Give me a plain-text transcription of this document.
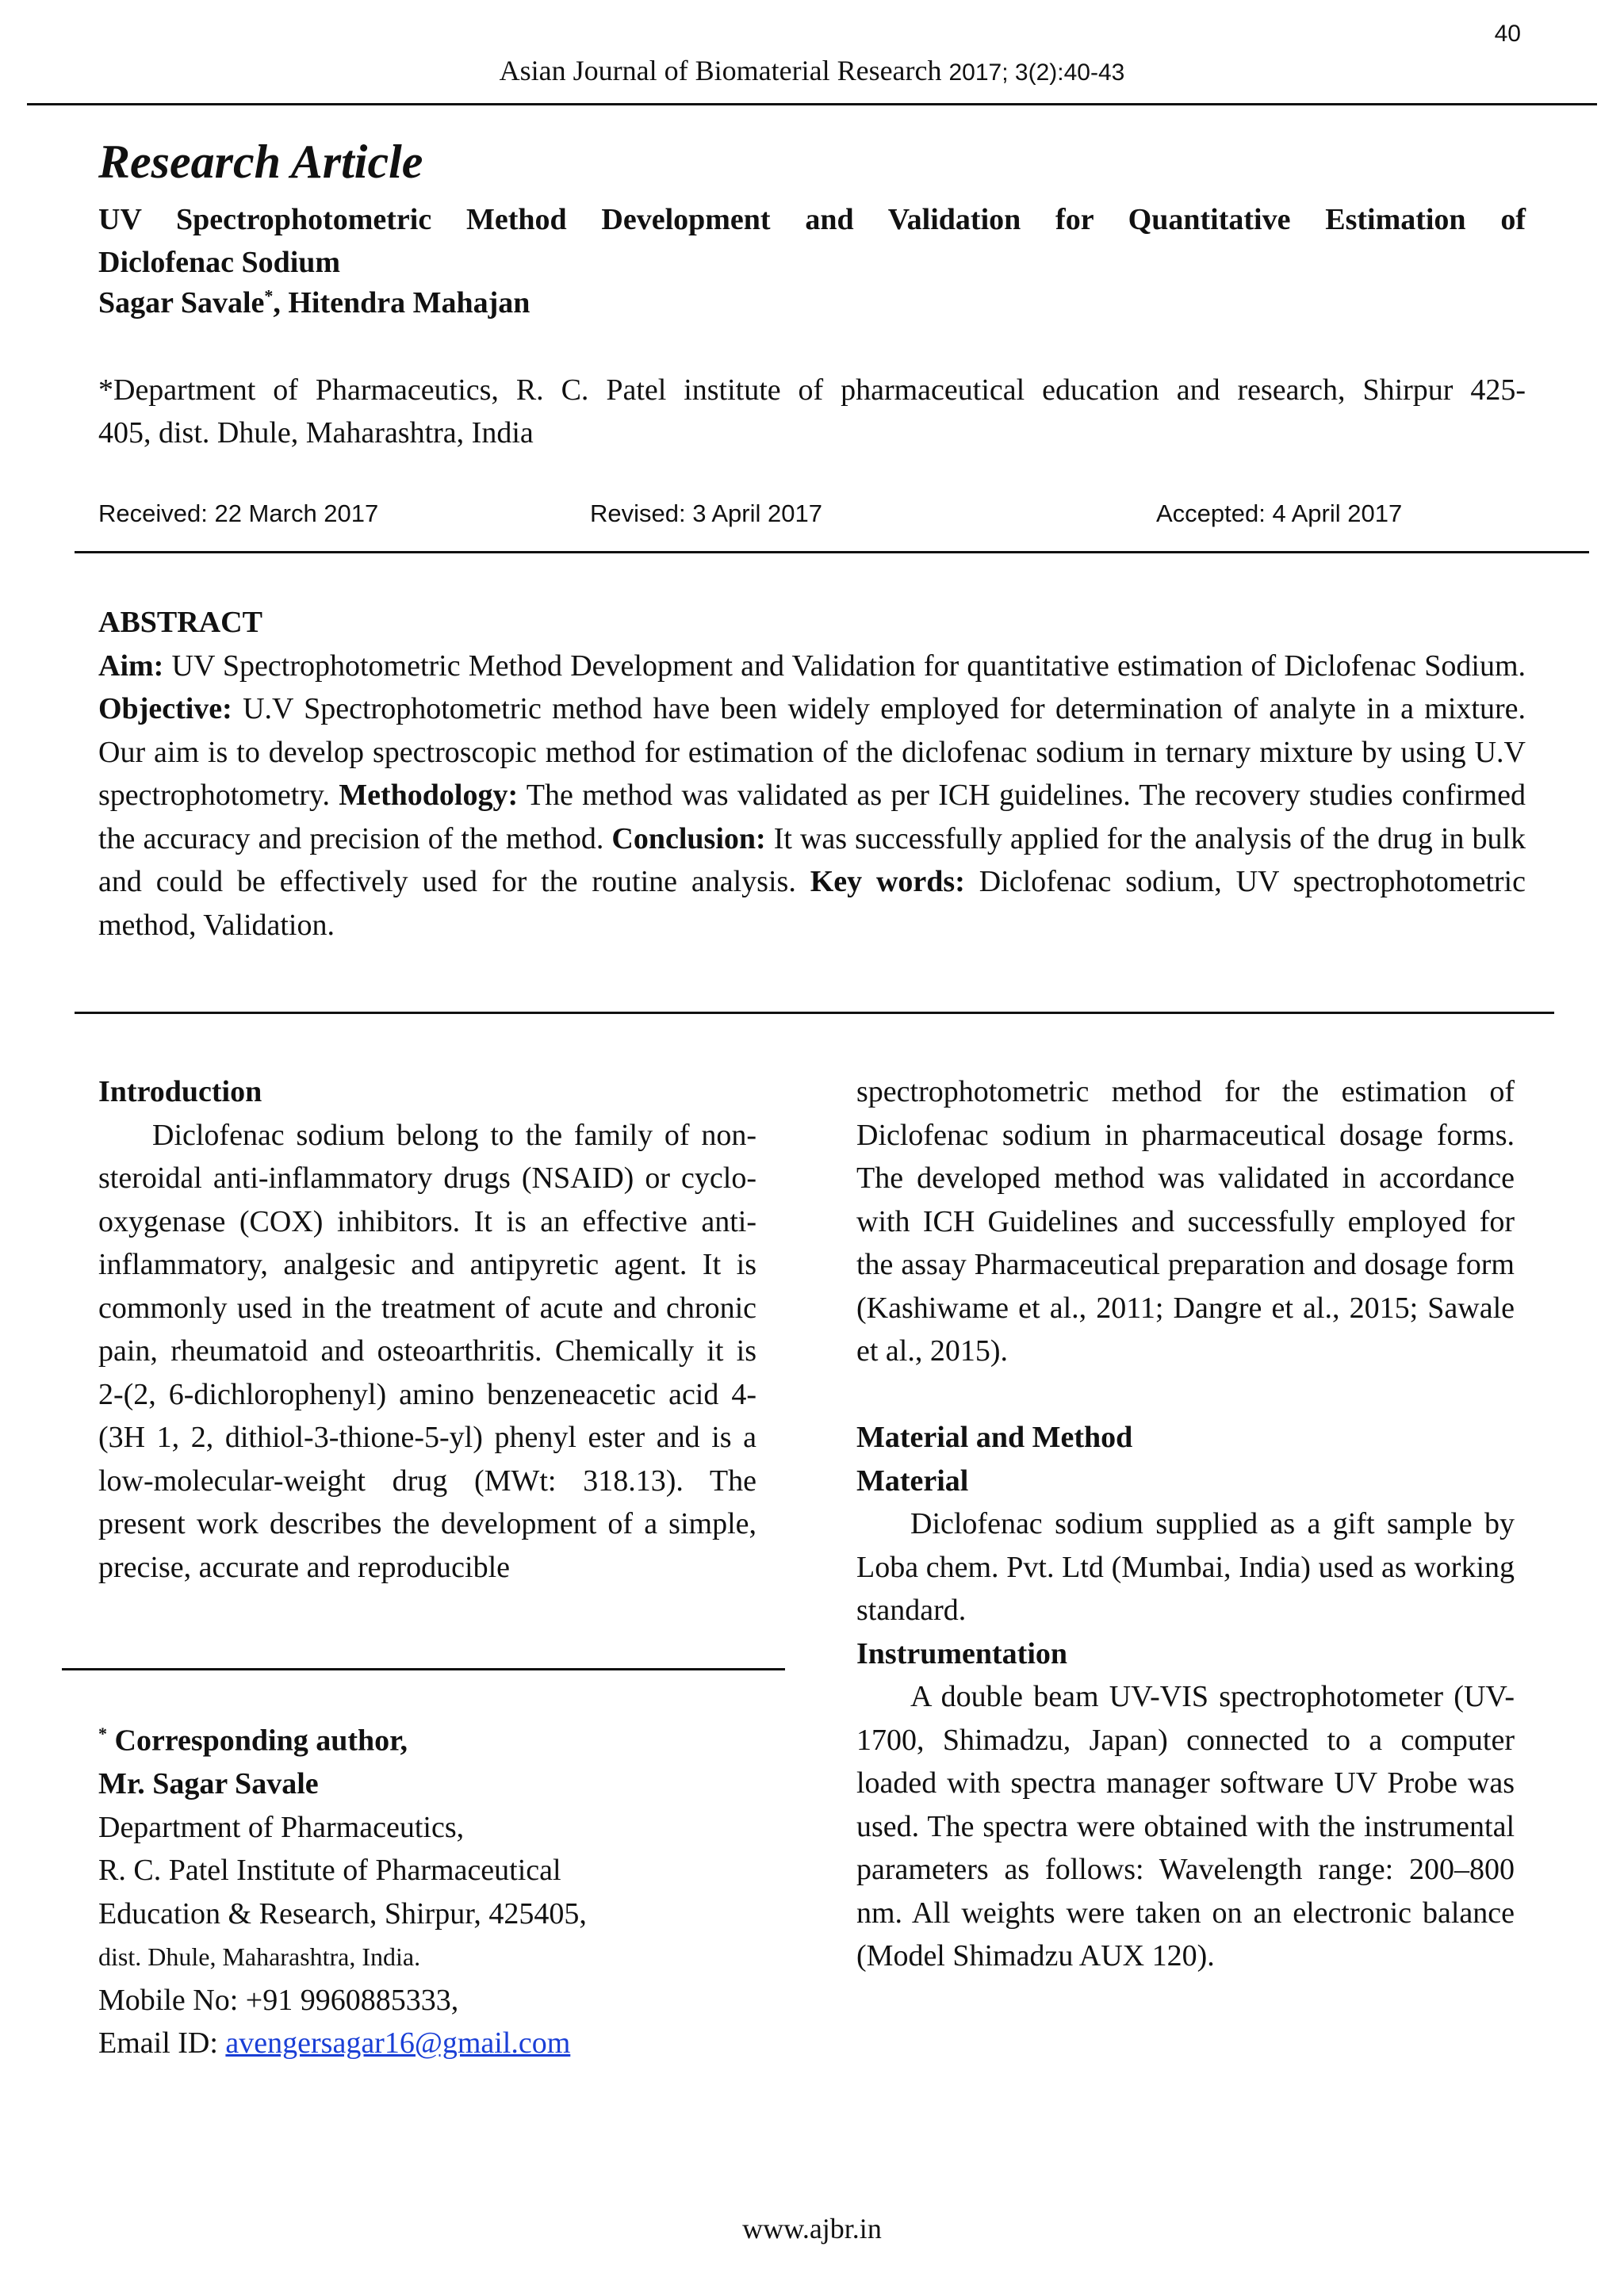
40
Asian Journal of Biomaterial Research 2017; 3(2):40-43
Research Article
UV Spectrophotometric Method Development and Validation for Quantitative Estimation of
Diclofenac Sodium
Sagar Savale*, Hitendra Mahajan
*Department of Pharmaceutics, R. C. Patel institute of pharmaceutical education and research, Shirpur 425-
405, dist. Dhule, Maharashtra, India
Received: 22 March 2017	Revised: 3 April 2017	Accepted: 4 April 2017
ABSTRACT
Aim: UV Spectrophotometric Method Development and Validation for quantitative estimation of Diclofenac Sodium. Objective: U.V Spectrophotometric method have been widely employed for determination of analyte in a mixture. Our aim is to develop spectroscopic method for estimation of the diclofenac sodium in ternary mixture by using U.V spectrophotometry. Methodology: The method was validated as per ICH guidelines. The recovery studies confirmed the accuracy and precision of the method. Conclusion: It was successfully applied for the analysis of the drug in bulk and could be effectively used for the routine analysis. Key words: Diclofenac sodium, UV spectrophotometric method, Validation.

Introduction

Diclofenac sodium belong to the family of non-steroidal anti-inflammatory drugs (NSAID) or cyclo-oxygenase (COX) inhibitors. It is an effective anti-inflammatory, analgesic and antipyretic agent. It is commonly used in the treatment of acute and chronic pain, rheumatoid and osteoarthritis. Chemically it is 2-(2, 6-dichlorophenyl) amino benzeneacetic acid 4-(3H 1, 2, dithiol-3-thione-5-yl) phenyl ester and is a low-molecular-weight drug (MWt: 318.13). The present work describes the development of a simple, precise, accurate and reproducible

* Corresponding author,
Mr. Sagar Savale
Department of Pharmaceutics,
R. C. Patel Institute of Pharmaceutical
Education & Research, Shirpur, 425405,
dist. Dhule, Maharashtra, India.
Mobile No: +91 9960885333,
Email ID: avengersagar16@gmail.com

spectrophotometric method for the estimation of Diclofenac sodium in pharmaceutical dosage forms. The developed method was validated in accordance with ICH Guidelines and successfully employed for the assay Pharmaceutical preparation and dosage form (Kashiwame et al., 2011; Dangre et al., 2015; Sawale et al., 2015).

Material and Method

Material

Diclofenac sodium supplied as a gift sample by Loba chem. Pvt. Ltd (Mumbai, India) used as working standard.

Instrumentation

A double beam UV-VIS spectrophotometer (UV-1700, Shimadzu, Japan) connected to a computer loaded with spectra manager software UV Probe was used. The spectra were obtained with the instrumental parameters as follows: Wavelength range: 200–800 nm. All weights were taken on an electronic balance (Model Shimadzu AUX 120).

www.ajbr.in
